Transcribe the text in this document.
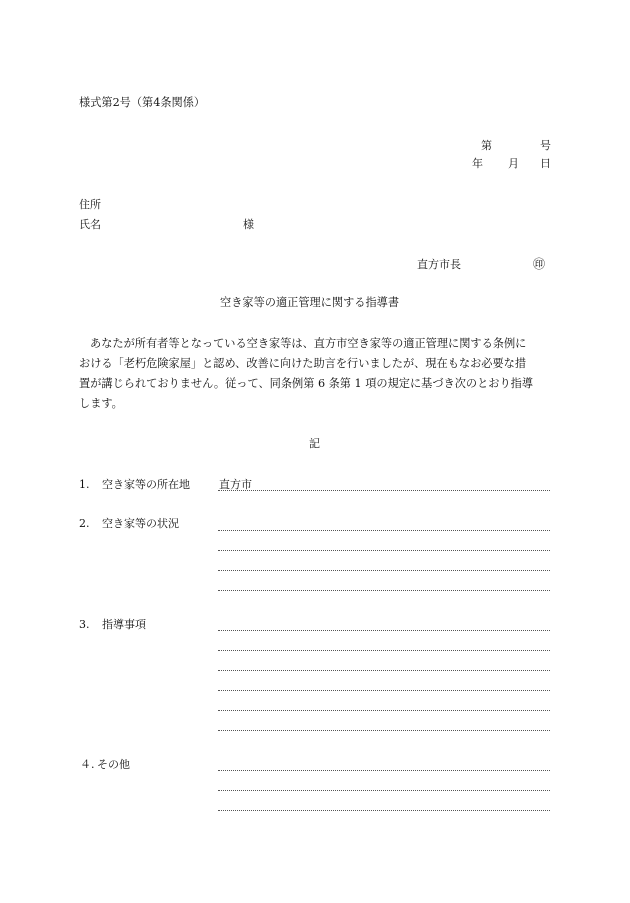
様式第2号（第4条関係）
第	号
年 月 日
住所
氏名	様
直方市長	㊞
空き家等の適正管理に関する指導書
あなたが所有者等となっている空き家等は、直方市空き家等の適正管理に関する条例に
おける「老朽危険家屋」と認め、改善に向けた助言を行いましたが、現在もなお必要な措
置が講じられておりません。従って、同条例第 6 条第 1 項の規定に基づき次のとおり指導
します。
記
1. 空き家等の所在地	直方市
2. 空き家等の状況
3. 指導事項
４. その他
